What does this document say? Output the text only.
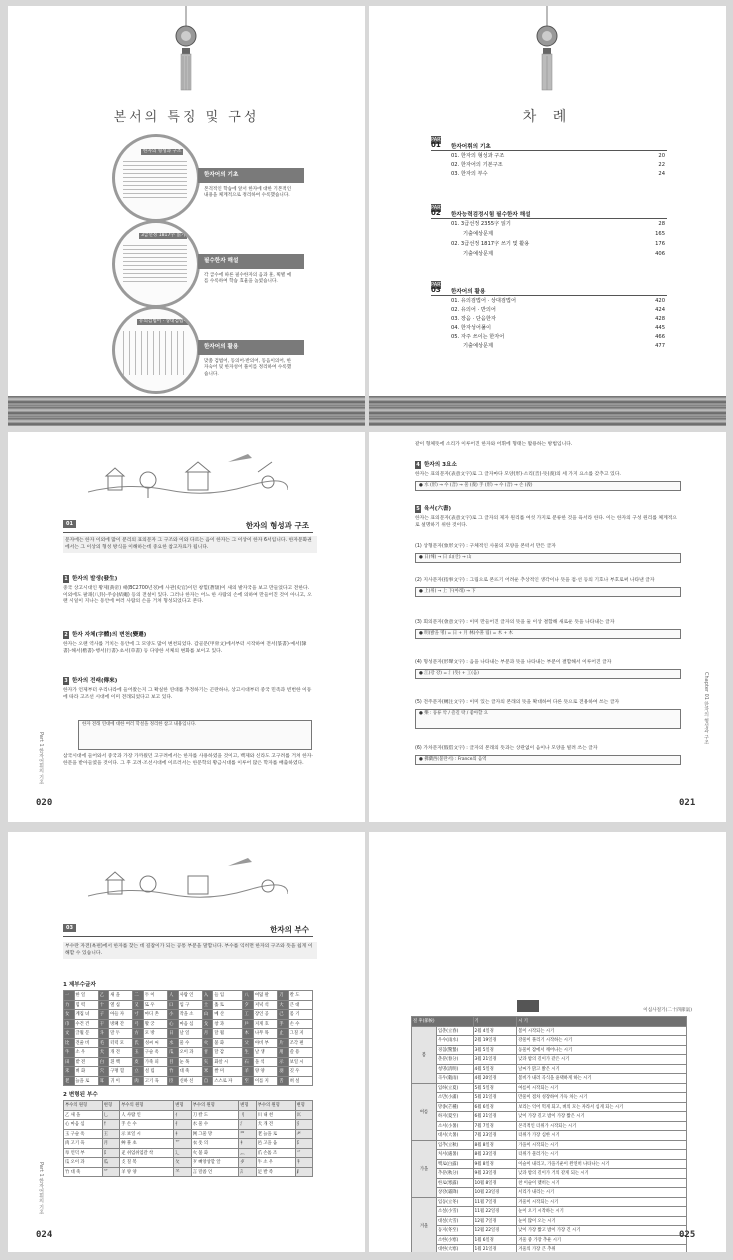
본서의 특징 및 구성
한자의 형성과 구조
3급선정 1817字 읽기
유의검법어 · 상대검법어
한자어의 기초
본격적인 학습에 앞서 한자에 대한 기본적인 내용을 체계적으로 정리하여 수록했습니다.
필수한자 해설
각 급수에 따른 필수한자의 음과 훈, 획별 예를 수록하여 학습 효율을 높였습니다.
한자어의 활용
맞춤 검법어, 동의어·반의어, 동음이의어, 한자숙어 및 한자성어 풀이를 정리하여 수록했습니다.
차 례
PART
01 한자어휘의 기초
01. 한자의 형성과 구조	20
02. 한자어의 기본구조	22
03. 한자의 부수	24
PART
02 한자능력검정시험 필수한자 해설
01. 3급선정 2355字 읽기	28
기출예상문제	165
02. 3급선정 1817字 쓰기 및 활용	176
기출예상문제	406
PART
03 한자어의 활용
01. 유의검법어 · 상대검법어	420
02. 유의어 · 반의어	424
03. 장음 · 단음한자	428
04. 한자성어풀이	445
05. 자주 쓰이는 한자어	466
기출예상문제	477
01	한자의 형성과 구조
문자에는 한자 이외에 많이 분리의 표의문자 그 구조와 이와 다르는 음이 한자는 그 이상이 한자 6서입니다. 한자문화권에서는 그 이상의 형성 방식을 이해하는데 중요한 참고자료가 됩니다.
1 한자의 발생(發生)
중국 상고시대인 황제(黃帝) 때(BC2700년경)에 사관(史官)이던 창힐(蒼頡)이 새의 발자국을 보고 만들었다고 전한다. 이외에도 팔괘(八卦)·주승(結繩) 등의 전설이 있다. 그러나 한자는 어느 한 사람의 손에 의하여 만들어진 것이 아니고, 오랜 시일이 지나는 동안에 여러 사람의 손을 거쳐 형성되었다고 본다.
2 한자 자체(字體)의 변천(變遷)
한자는 오랜 역사를 거치는 동안에 그 모양도 많이 변천되었다. 갑골문(甲骨文)에서부터 시작하여 전서(篆書)·예서(隸書)·해서(楷書)·행서(行書)·초서(草書) 등 다양한 서체의 변화를 보이고 있다.
3 한자의 전래(傳來)
한자가 언제부터 우리나라에 들어왔는지 그 확실한 연대를 추정하기는 곤란하나, 상고시대부터 중국 민족과 빈번한 이동에 따라 고조선 시대에 이미 전래되었다고 보고 있다.
한자 전래 연대에 대한 여러 학설을 정리한 참고 내용입니다.
삼국시대에 들어와서 중국과 가장 가까웠던 고구려에서는 한자를 사용하였을 것이고, 백제와 신라도 고구려를 거쳐 한자·한문을 받아들였을 것이다. 그 후 고려·조선시대에 이르러서는 한문학의 황금시대를 이루어 많은 학자를 배출하였다.
Part 1 한자어휘의 기초
020
같이 형체뜻에 소리가 이루어진 한자와 어휘에 형태는 활용하는 방법입니다.
4 한자의 3요소
한자는 표의문자(表意文字)로 그 글자마다 모양(形)·소리(音)·뜻(義)의 세 가지 요소를 갖추고 있다.
● 水 (形) → 수 (音) → 물 (義) 手 (形) → 수 (音) → 손 (義)
5 육서(六書)
한자는 표의문자(表意文字)로 그 글자의 제자 원리를 여섯 가지로 분류한 것을 육서라 한다. 이는 한자의 구성 원리를 체계적으로 설명하기 위한 것이다.
(1) 상형문자(象形文字) : 구체적인 사물의 모양을 본떠서 만든 글자
● 日(해) → 日 山(산) → 山
(2) 지사문자(指事文字) : 그림으로 본뜨기 어려운 추상적인 생각이나 뜻을 점·선 등의 기호나 부호로써 나타낸 글자
● 上(위) → 上 下(아래) → 下
(3) 회의문자(會意文字) : 이미 만들어진 글자의 뜻을 둘 이상 결합해 새로운 뜻을 나타내는 글자
● 明(밝을 명) = 日 + 月 林(수풀 림) = 木 + 木
(4) 형성문자(形聲文字) : 음을 나타내는 부분과 뜻을 나타내는 부분이 결합해서 이루어진 글자
● 江(강 강) = 氵(뜻) + 工(음)
(5) 전주문자(轉注文字) : 이미 있는 글자의 본래의 뜻을 확대하여 다른 뜻으로 전용하여 쓰는 글자
● 樂 : 풍류 악 / 즐길 락 / 좋아할 요
(6) 가차문자(假借文字) : 글자의 본래의 뜻과는 상관없이 음이나 모양을 빌려 쓰는 글자
● 佛蘭西(불란서) : France의 음역
Chapter 01 한자의 형성과 구조
021
03	한자의 부수
부수란 자전(옥편)에서 한자를 찾는 데 길잡이가 되는 공통 부분을 말합니다. 부수를 익히면 한자의 구조와 뜻을 쉽게 이해할 수 있습니다.
1 제부수글자
一	한 일	乙	새 을	二	두 이	人	사람 인	入	들 입	八	여덟 팔	刀	칼 도
力	힘 력	十	열 십	又	또 우	口	입 구	土	흙 토	夕	저녁 석	大	큰 대
女	계집 녀	子	아들 자	寸	마디 촌	小	작을 소	山	메 산	工	장인 공	己	몸 기
巾	수건 건	干	방패 간	弓	활 궁	心	마음 심	戈	창 과	戶	지게 호	手	손 수
文	글월 문	斗	말 두	方	모 방	日	날 일	月	달 월	木	나무 목	止	그칠 지
比	견줄 비	毛	터럭 모	氏	성씨 씨	水	물 수	火	불 화	父	아비 부	片	조각 편
牛	소 우	犬	개 견	玉	구슬 옥	瓜	오이 과	甘	달 감	生	날 생	用	쓸 용
田	밭 전	白	흰 백	皮	가죽 피	目	눈 목	矢	화살 시	石	돌 석	示	보일 시
禾	벼 화	穴	구멍 혈	立	설 립	竹	대 죽	米	쌀 미	羊	양 양	羽	깃 우
老	늙을 로	耳	귀 이	肉	고기 육	臣	신하 신	自	스스로 자	至	이를 지	舌	혀 설
2 변형된 부수
부수의 원형	변형	부수의 원형	변형	부수의 원형	변형	부수의 원형	변형
乙 새 을	乚	人 사람 인	亻	刀 칼 도	刂	川 내 천	巛
心 마음 심	忄	手 손 수	扌	水 물 수	氵	犬 개 견	犭
玉 구슬 옥	王	示 보일 시	礻	网 그물 망	罒	老 늙을 로	耂
肉 고기 육	月	艸 풀 초	艹	衣 옷 의	衤	邑 고을 읍	阝
阜 언덕 부	阝	辵 쉬엄쉬엄갈 착	辶	火 불 화	灬	爪 손톱 조	爫
瓜 오이 과	瓜	攴 칠 복	攵	歹 뼈앙상할 알	歺	牛 소 우	牜
竹 대 죽	⺮	羊 양 양	⺷	言 말씀 언	訁	足 발 족	⻊
Part 1 한자어휘의 기초
024
이십사절기(二十四節氣)
절 후(節候)		기	시 기
봄	입춘(立春)	2월 4일경	봄이 시작되는 시기
	우수(雨水)	2월 19일경	강물이 풀리기 시작하는 시기
	경칩(驚蟄)	3월 5일경	동물이 잠에서 깨어나는 시기
	춘분(春分)	3월 21일경	낮과 밤의 길이가 같은 시기
	청명(淸明)	4월 5일경	날씨가 맑고 밝은 시기
	곡우(穀雨)	4월 20일경	봄비가 내려 곡식을 윤택하게 하는 시기
여름	입하(立夏)	5월 5일경	여름이 시작되는 시기
	소만(小滿)	5월 21일경	만물이 점차 성장하여 가득 차는 시기
	망종(芒種)	6월 6일경	보리는 익어 먹게 되고, 벼의 모는 자라서 심게 되는 시기
	하지(夏至)	6월 21일경	낮이 가장 길고 밤이 가장 짧은 시기
	소서(小暑)	7월 7일경	본격적인 더위가 시작되는 시기
	대서(大暑)	7월 23일경	더위가 가장 심한 시기
가을	입추(立秋)	8월 8일경	가을이 시작되는 시기
	처서(處暑)	8월 23일경	더위가 물러가는 시기
	백로(白露)	9월 8일경	이슬이 내리고, 가을기운이 완연히 나타나는 시기
	추분(秋分)	9월 23일경	낮과 밤의 길이가 거의 같게 되는 시기
	한로(寒露)	10월 8일경	찬 이슬이 맺히는 시기
	상강(霜降)	10월 23일경	서리가 내리는 시기
겨울	입동(立冬)	11월 7일경	겨울이 시작되는 시기
	소설(小雪)	11월 22일경	눈이 오기 시작하는 시기
	대설(大雪)	12월 7일경	눈이 많이 오는 시기
	동지(冬至)	12월 22일경	낮이 가장 짧고 밤이 가장 긴 시기
	소한(小寒)	1월 6일경	겨울 중 가장 추운 시기
	대한(大寒)	1월 21일경	겨울의 가장 큰 추위
025
